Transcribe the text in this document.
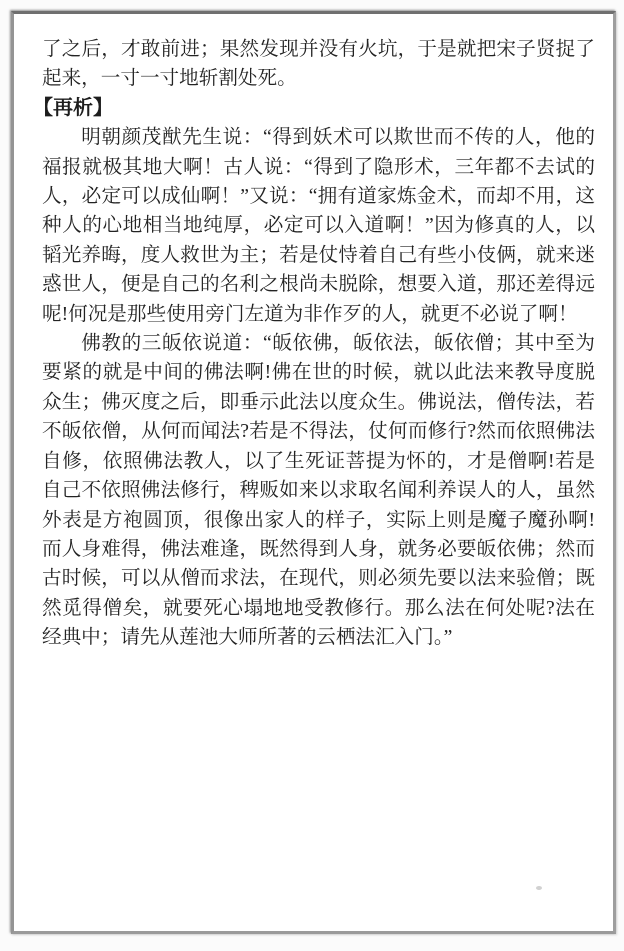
了之后，才敢前进；果然发现并没有火坑，于是就把宋子贤捉了起来，一寸一寸地斩割处死。

【再析】

明朝颜茂猷先生说：“得到妖术可以欺世而不传的人，他的福报就极其地大啊！古人说：“得到了隐形术，三年都不去试的人，必定可以成仙啊！”又说：“拥有道家炼金术，而却不用，这种人的心地相当地纯厚，必定可以入道啊！”因为修真的人，以韬光养晦，度人救世为主；若是仗恃着自己有些小伎俩，就来迷惑世人，便是自己的名利之根尚未脱除，想要入道，那还差得远呢!何况是那些使用旁门左道为非作歹的人，就更不必说了啊！

佛教的三皈依说道：“皈依佛，皈依法，皈依僧；其中至为要紧的就是中间的佛法啊!佛在世的时候，就以此法来教导度脱众生；佛灭度之后，即垂示此法以度众生。佛说法，僧传法，若不皈依僧，从何而闻法?若是不得法，仗何而修行?然而依照佛法自修，依照佛法教人，以了生死证菩提为怀的，才是僧啊!若是自己不依照佛法修行，稗贩如来以求取名闻利养误人的人，虽然外表是方袍圆顶，很像出家人的样子，实际上则是魔子魔孙啊!而人身难得，佛法难逢，既然得到人身，就务必要皈依佛；然而古时候，可以从僧而求法，在现代，则必须先要以法来验僧；既然觅得僧矣，就要死心塌地地受教修行。那么法在何处呢?法在经典中；请先从莲池大师所著的云栖法汇入门。”
